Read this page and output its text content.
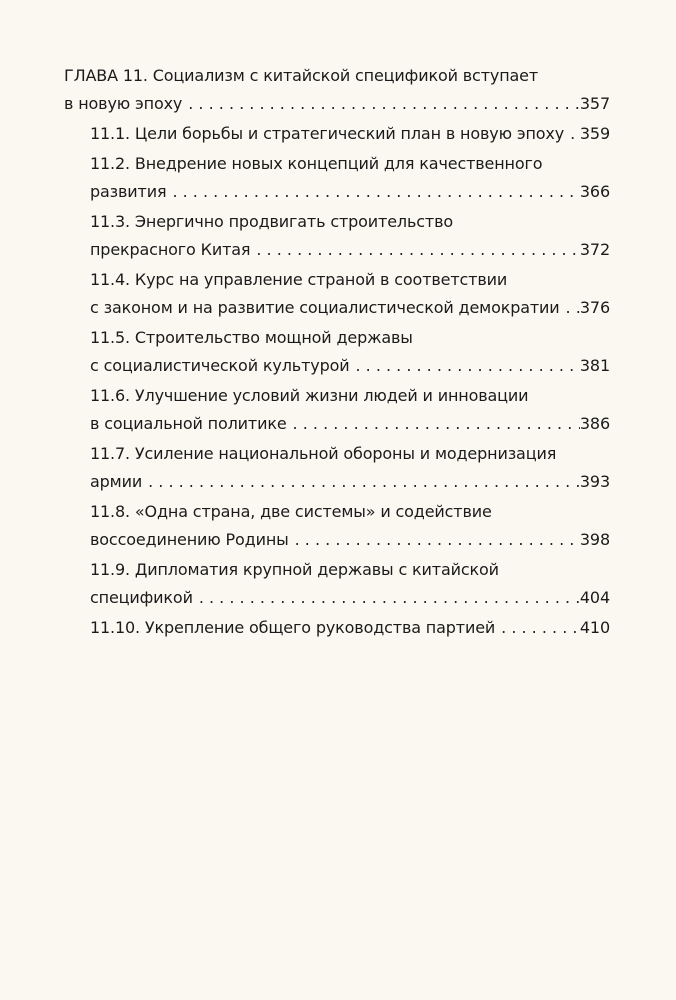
ГЛАВА 11. Социализм с китайской спецификой вступает
в новую эпоху . . .	357
11.1. Цели борьбы и стратегический план в новую эпоху . . . 359
11.2. Внедрение новых концепций для качественного
развития . . .	366
11.3. Энергично продвигать строительство
прекрасного Китая . . .	372
11.4. Курс на управление страной в соответствии
с законом и на развитие социалистической демократии . . . 376
11.5. Строительство мощной державы
с социалистической культурой . . .	381
11.6. Улучшение условий жизни людей и инновации
в социальной политике . . .	386
11.7. Усиление национальной обороны и модернизация
армии . . .	393
11.8. «Одна страна, две системы» и содействие
воссоединению Родины . . .	398
11.9. Дипломатия крупной державы с китайской
спецификой . . .	404
11.10. Укрепление общего руководства партией . . .	410
